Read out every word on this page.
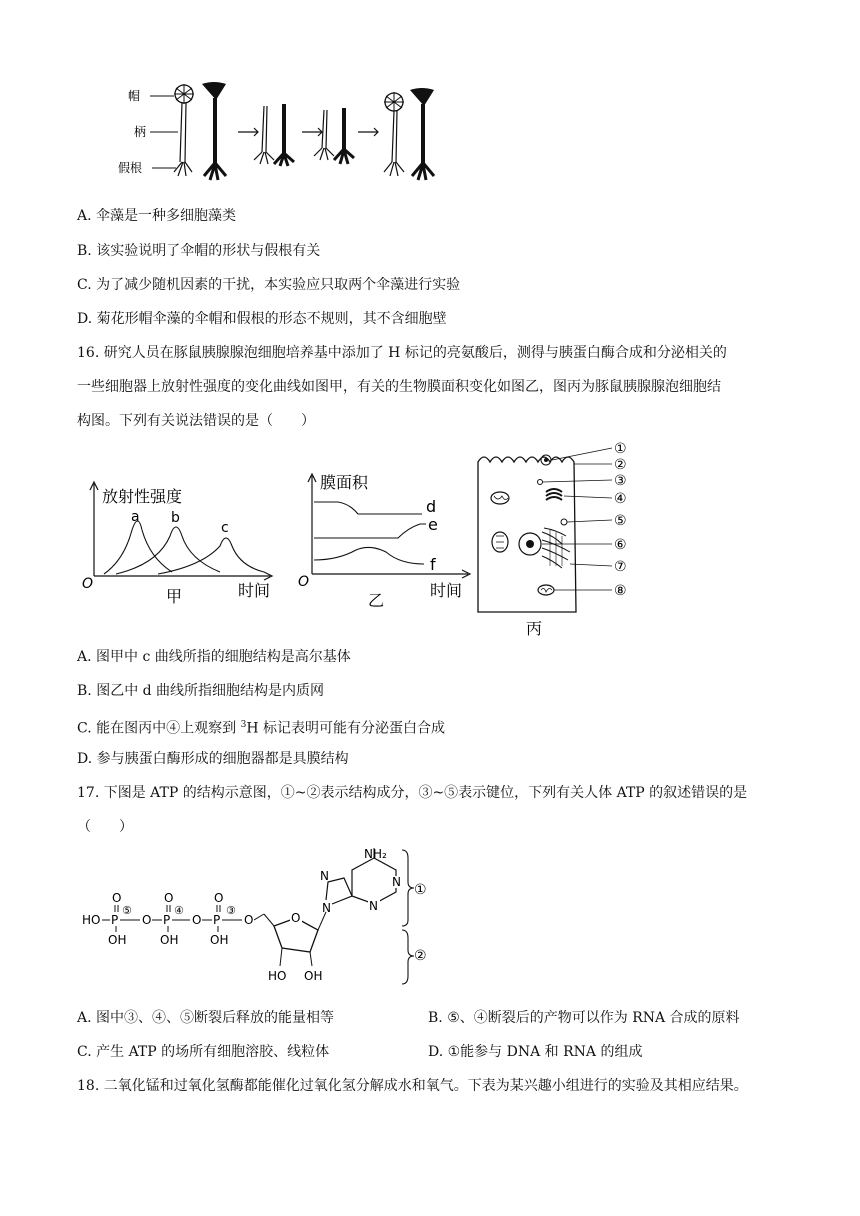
帽
柄
假根
A. 伞藻是一种多细胞藻类
B. 该实验说明了伞帽的形状与假根有关
C. 为了减少随机因素的干扰，本实验应只取两个伞藻进行实验
D. 菊花形帽伞藻的伞帽和假根的形态不规则，其不含细胞壁
16. 研究人员在豚鼠胰腺腺泡细胞培养基中添加了 H 标记的亮氨酸后，测得与胰蛋白酶合成和分泌相关的
一些细胞器上放射性强度的变化曲线如图甲，有关的生物膜面积变化如图乙，图丙为豚鼠胰腺腺泡细胞结
构图。下列有关说法错误的是（　　）
放射性强度
O	时间
甲
a b
c
膜面积
O	时间
乙
d
e
f
①
②
③
④
⑤
⑥
⑦
⑧
丙
A. 图甲中 c 曲线所指的细胞结构是高尔基体
B. 图乙中 d 曲线所指细胞结构是内质网
C. 能在图丙中④上观察到 $^3$H 标记表明可能有分泌蛋白合成
D. 参与胰蛋白酶形成的细胞器都是具膜结构
17. 下图是 ATP 的结构示意图，①~②表示结构成分，③~⑤表示键位，下列有关人体 ATP 的叙述错误的是
（　　）
HO P
O
OH
⑤
O P
O
OH
④
O P
O
OH
③
O	O
HO OH
N
N
NH₂
N
N
①
②
A. 图中③、④、⑤断裂后释放的能量相等	B. ⑤、④断裂后的产物可以作为 RNA 合成的原料
C. 产生 ATP 的场所有细胞溶胶、线粒体	D. ①能参与 DNA 和 RNA 的组成
18. 二氧化锰和过氧化氢酶都能催化过氧化氢分解成水和氧气。下表为某兴趣小组进行的实验及其相应结果。
